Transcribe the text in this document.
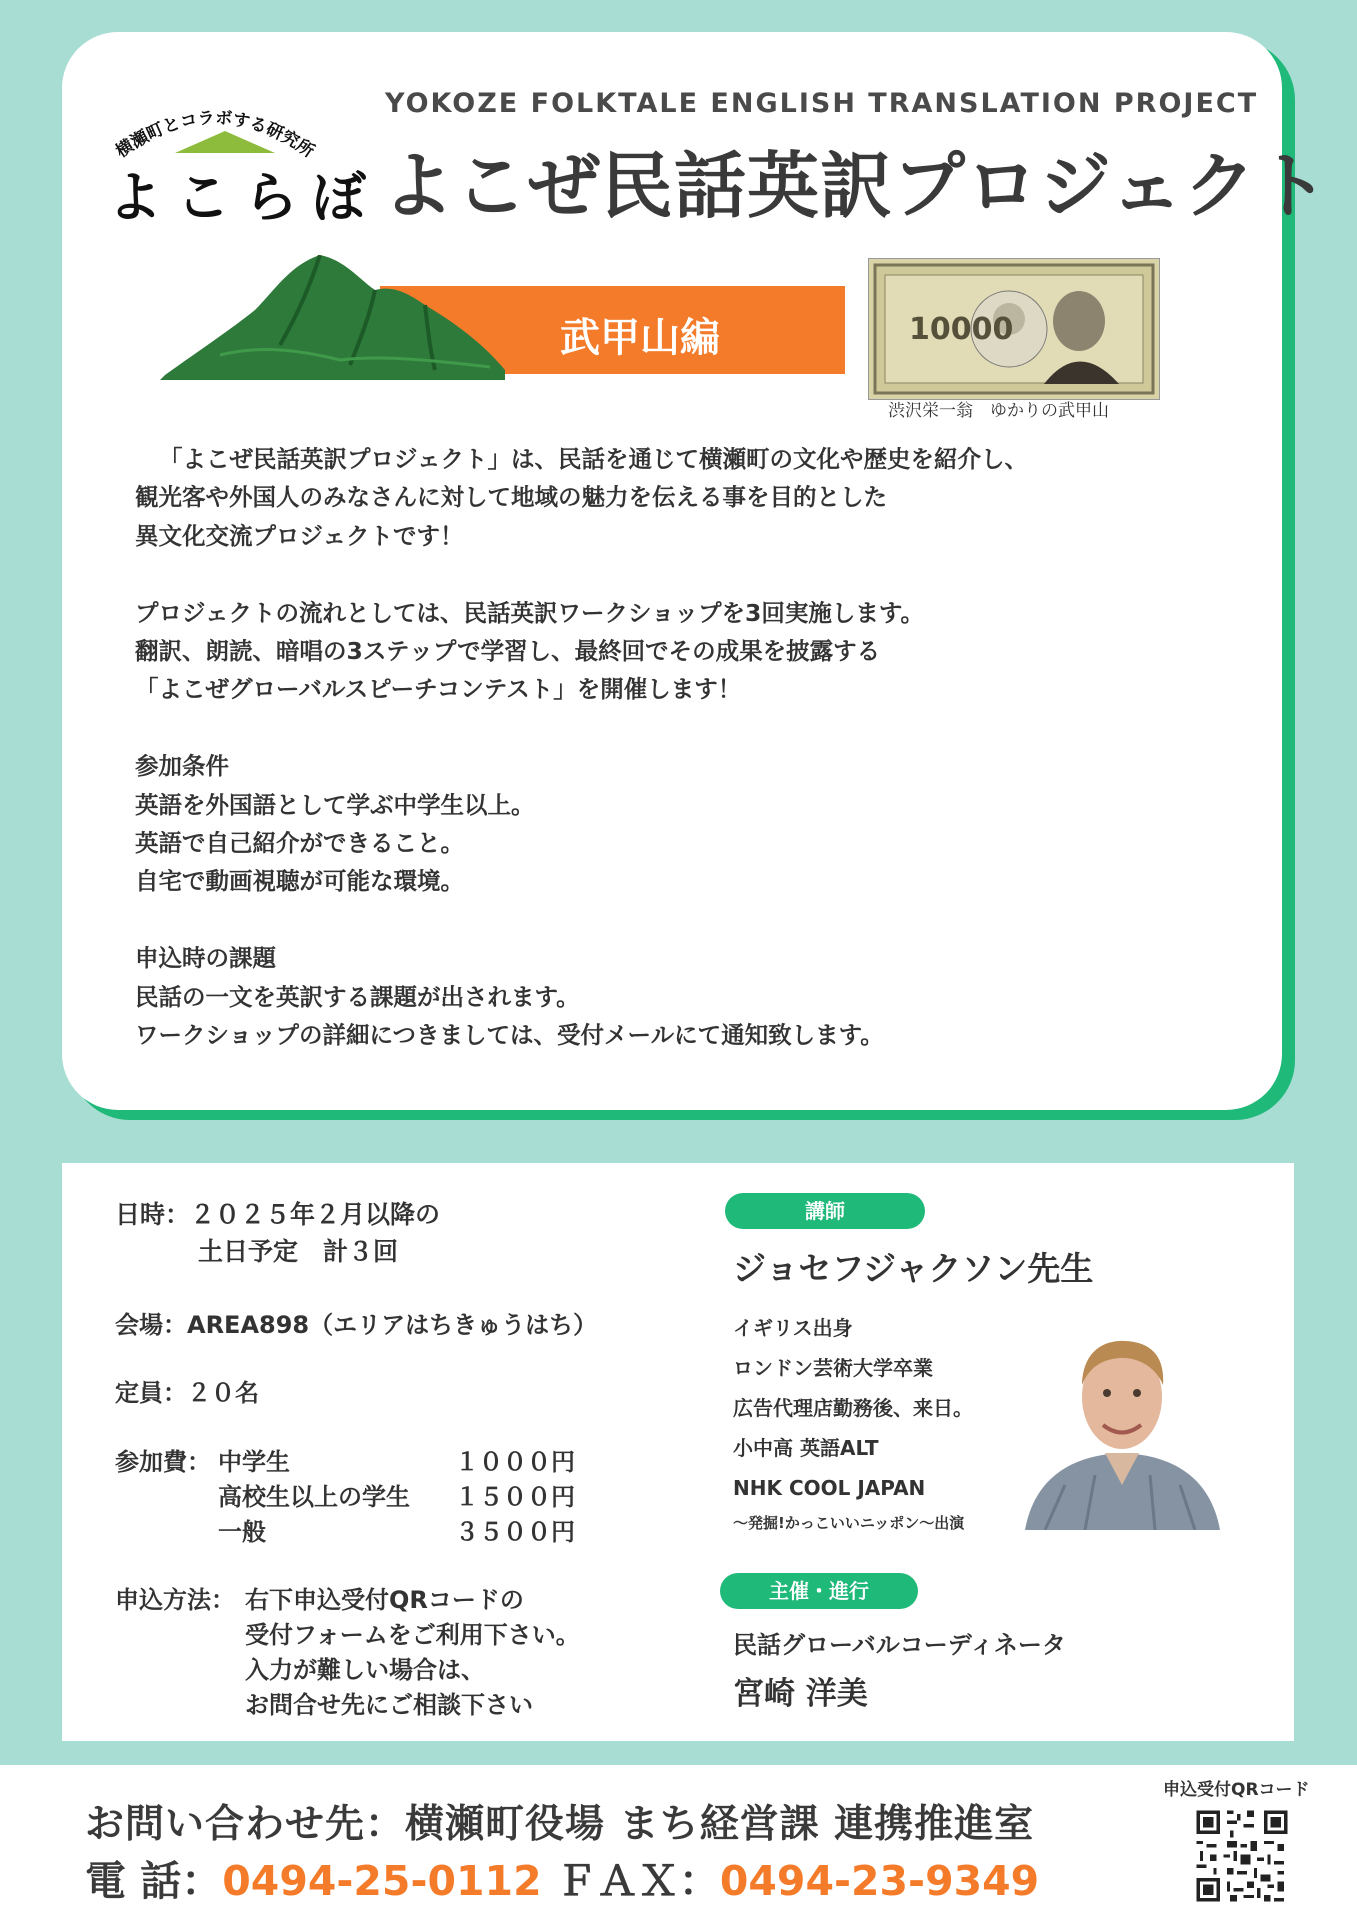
横瀬町とコラボする研究所
よこらぼ
YOKOZE FOLKTALE ENGLISH TRANSLATION PROJECT
よこぜ民話英訳プロジェクト
武甲山編	10000
渋沢栄一翁　ゆかりの武甲山

「よこぜ民話英訳プロジェクト」は、民話を通じて横瀬町の文化や歴史を紹介し、

観光客や外国人のみなさんに対して地域の魅力を伝える事を目的とした

異文化交流プロジェクトです！

プロジェクトの流れとしては、民話英訳ワークショップを3回実施します。

翻訳、朗読、暗唱の3ステップで学習し、最終回でその成果を披露する

「よこぜグローバルスピーチコンテスト」を開催します！

参加条件

英語を外国語として学ぶ中学生以上。

英語で自己紹介ができること。

自宅で動画視聴が可能な環境。

申込時の課題

民話の一文を英訳する課題が出されます。

ワークショップの詳細につきましては、受付メールにて通知致します。

日時：２０２５年２月以降の
土日予定　計３回
会場：AREA898（エリアはちきゅうはち）
定員：２０名
参加費： 中学生	１０００円
高校生以上の学生 １５００円
一般	３５００円
申込方法： 右下申込受付QRコードの
受付フォームをご利用下さい。
入力が難しい場合は、
お問合せ先にご相談下さい
講師
ジョセフジャクソン先生
イギリス出身
ロンドン芸術大学卒業
広告代理店勤務後、来日。
小中高 英語ALT
NHK COOL JAPAN
～発掘!かっこいいニッポン～出演
主催・進行
民話グローバルコーディネータ
宮崎 洋美
お問い合わせ先：横瀬町役場 まち経営課 連携推進室
電 話：0494-25-0112 ＦＡＸ：0494-23-9349
申込受付QRコード
